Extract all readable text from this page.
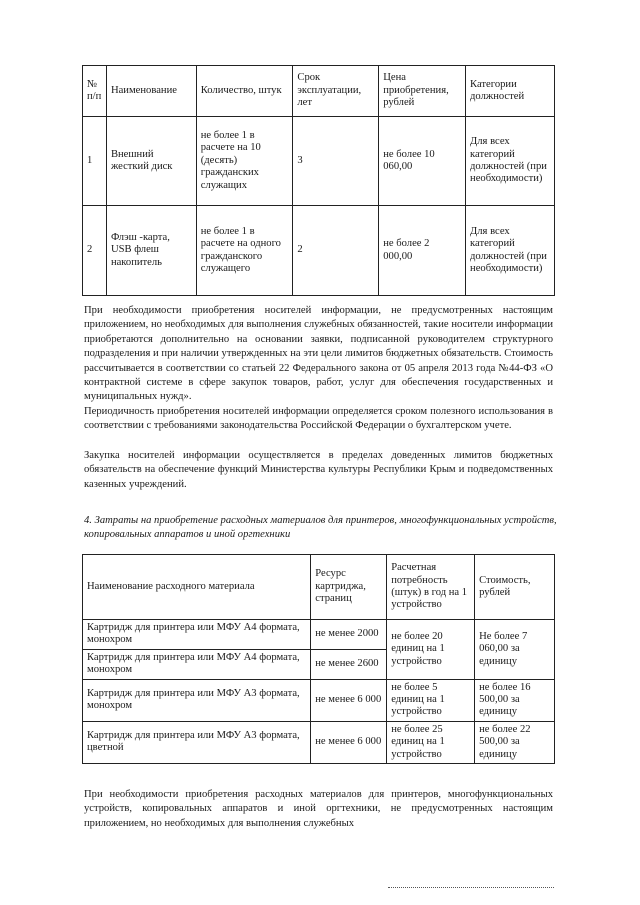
№ п/п	Наименование	Количество, штук	Срок эксплуатации, лет	Цена приобретения, рублей	Категории должностей
1	Внешний жесткий диск	не более 1 в расчете на 10 (десять) гражданских служащих	3	не более 10 060,00	Для всех категорий должностей (при необходимости)
2	Флэш -карта, USB флеш накопитель	не более 1 в расчете на одного гражданского служащего	2	не более 2 000,00	Для всех категорий должностей (при необходимости)

При необходимости приобретения носителей информации, не предусмотренных настоящим приложением, но необходимых для выполнения служебных обязанностей, такие носители информации приобретаются дополнительно на основании заявки, подписанной руководителем структурного подразделения и при наличии утвержденных на эти цели лимитов бюджетных обязательств. Стоимость рассчитывается в соответствии со статьей 22 Федерального закона от 05 апреля 2013 года №44-ФЗ «О контрактной системе в сфере закупок товаров, работ, услуг для обеспечения государственных и муниципальных нужд».

Периодичность приобретения носителей информации определяется сроком полезного использования в соответствии с требованиями законодательства Российской Федерации о бухгалтерском учете.

Закупка носителей информации осуществляется в пределах доведенных лимитов бюджетных обязательств на обеспечение функций Министерства культуры Республики Крым и подведомственных казенных учреждений.

4. Затраты на приобретение расходных материалов для принтеров, многофункциональных устройств, копировальных аппаратов и иной оргтехники

Наименование расходного материала	Ресурс картриджа, страниц	Расчетная потребность (штук) в год на 1 устройство	Стоимость, рублей
Картридж для принтера или МФУ А4 формата, монохром	не менее 2000	не более 20 единиц на 1 устройство	Не более 7 060,00 за единицу
Картридж для принтера или МФУ А4 формата, монохром	не менее 2600		
Картридж для принтера или МФУ А3 формата, монохром	не менее 6 000	не более 5 единиц на 1 устройство	не более 16 500,00 за единицу
Картридж для принтера или МФУ А3 формата, цветной	не менее 6 000	не более 25 единиц на 1 устройство	не более 22 500,00 за единицу

При необходимости приобретения расходных материалов для принтеров, многофункциональных устройств, копировальных аппаратов и иной оргтехники, не предусмотренных настоящим приложением, но необходимых для выполнения служебных
